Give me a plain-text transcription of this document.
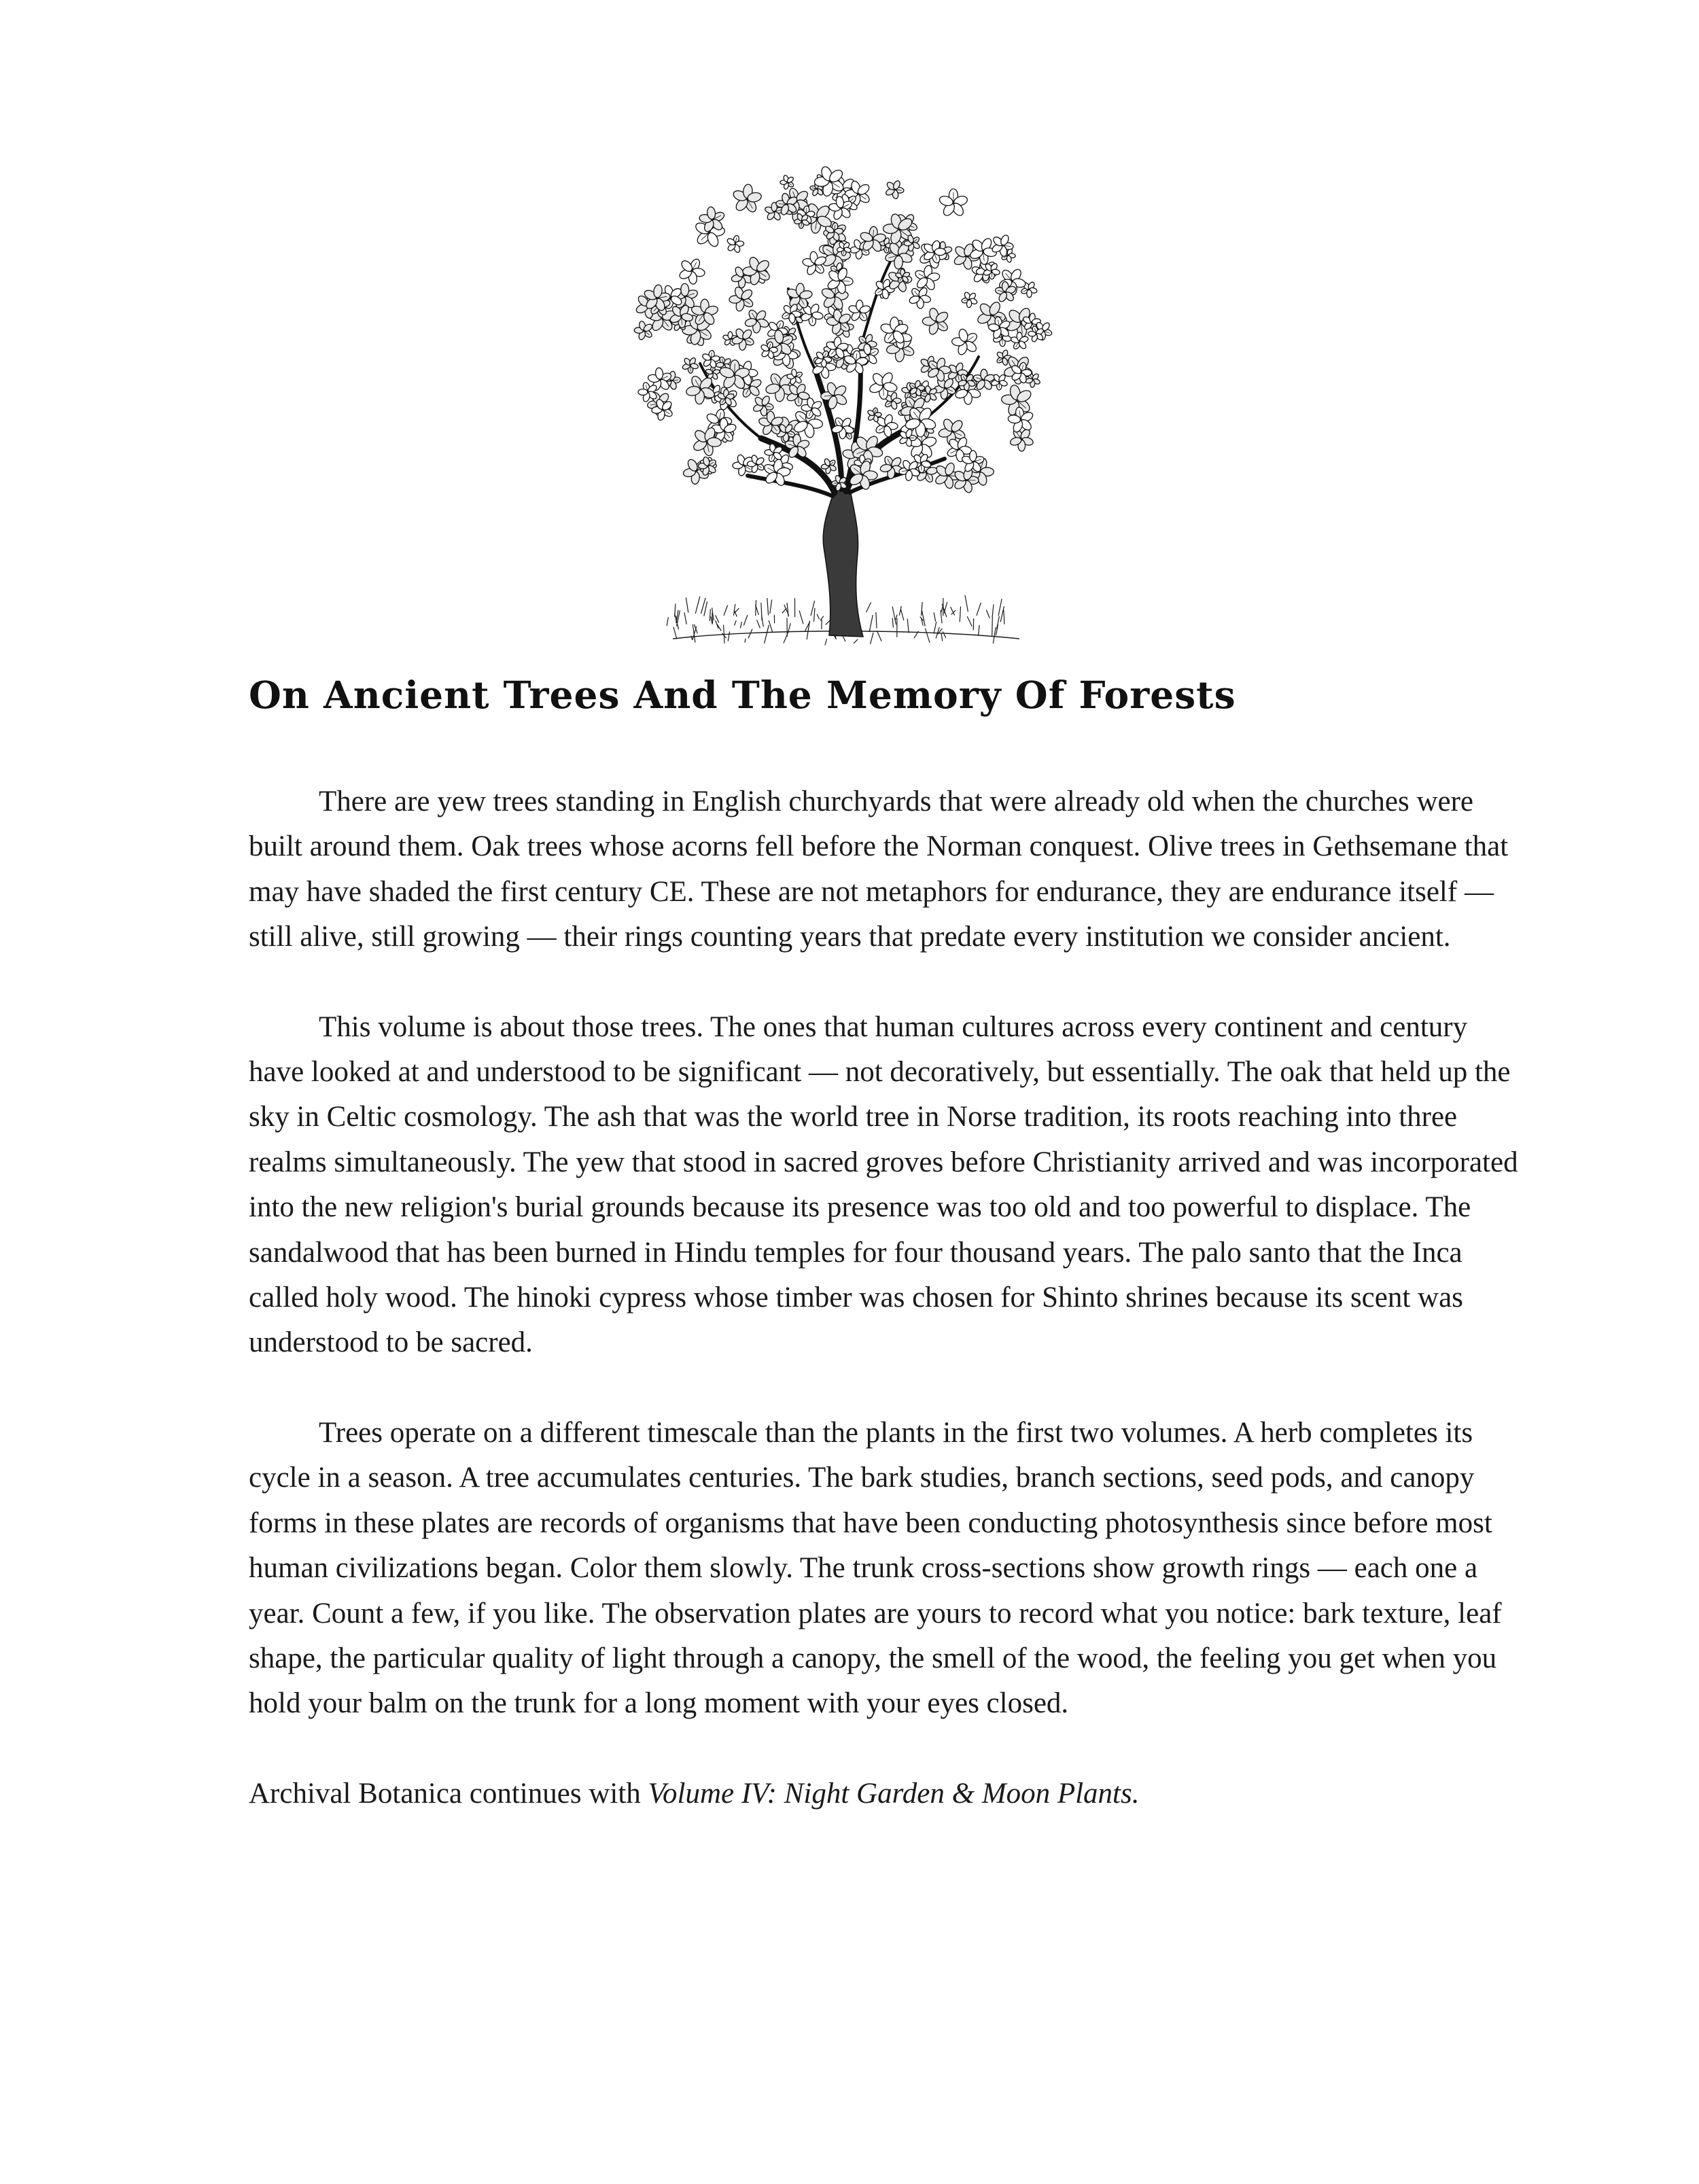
On Ancient Trees And The Memory Of Forests

There are yew trees standing in English churchyards that were already old when the churches were built around them. Oak trees whose acorns fell before the Norman conquest. Olive trees in Gethsemane that may have shaded the first century CE. These are not metaphors for endurance, they are endurance itself — still alive, still growing — their rings counting years that predate every institution we consider ancient.

This volume is about those trees. The ones that human cultures across every continent and century have looked at and understood to be significant — not decoratively, but essentially. The oak that held up the sky in Celtic cosmology. The ash that was the world tree in Norse tradition, its roots reaching into three realms simultaneously. The yew that stood in sacred groves before Christianity arrived and was incorporated into the new religion's burial grounds because its presence was too old and too powerful to displace. The sandalwood that has been burned in Hindu temples for four thousand years. The palo santo that the Inca called holy wood. The hinoki cypress whose timber was chosen for Shinto shrines because its scent was understood to be sacred.

Trees operate on a different timescale than the plants in the first two volumes. A herb completes its cycle in a season. A tree accumulates centuries. The bark studies, branch sections, seed pods, and canopy forms in these plates are records of organisms that have been conducting photosynthesis since before most human civilizations began. Color them slowly. The trunk cross-sections show growth rings — each one a year. Count a few, if you like. The observation plates are yours to record what you notice: bark texture, leaf shape, the particular quality of light through a canopy, the smell of the wood, the feeling you get when you hold your balm on the trunk for a long moment with your eyes closed.

Archival Botanica continues with Volume IV: Night Garden & Moon Plants.
